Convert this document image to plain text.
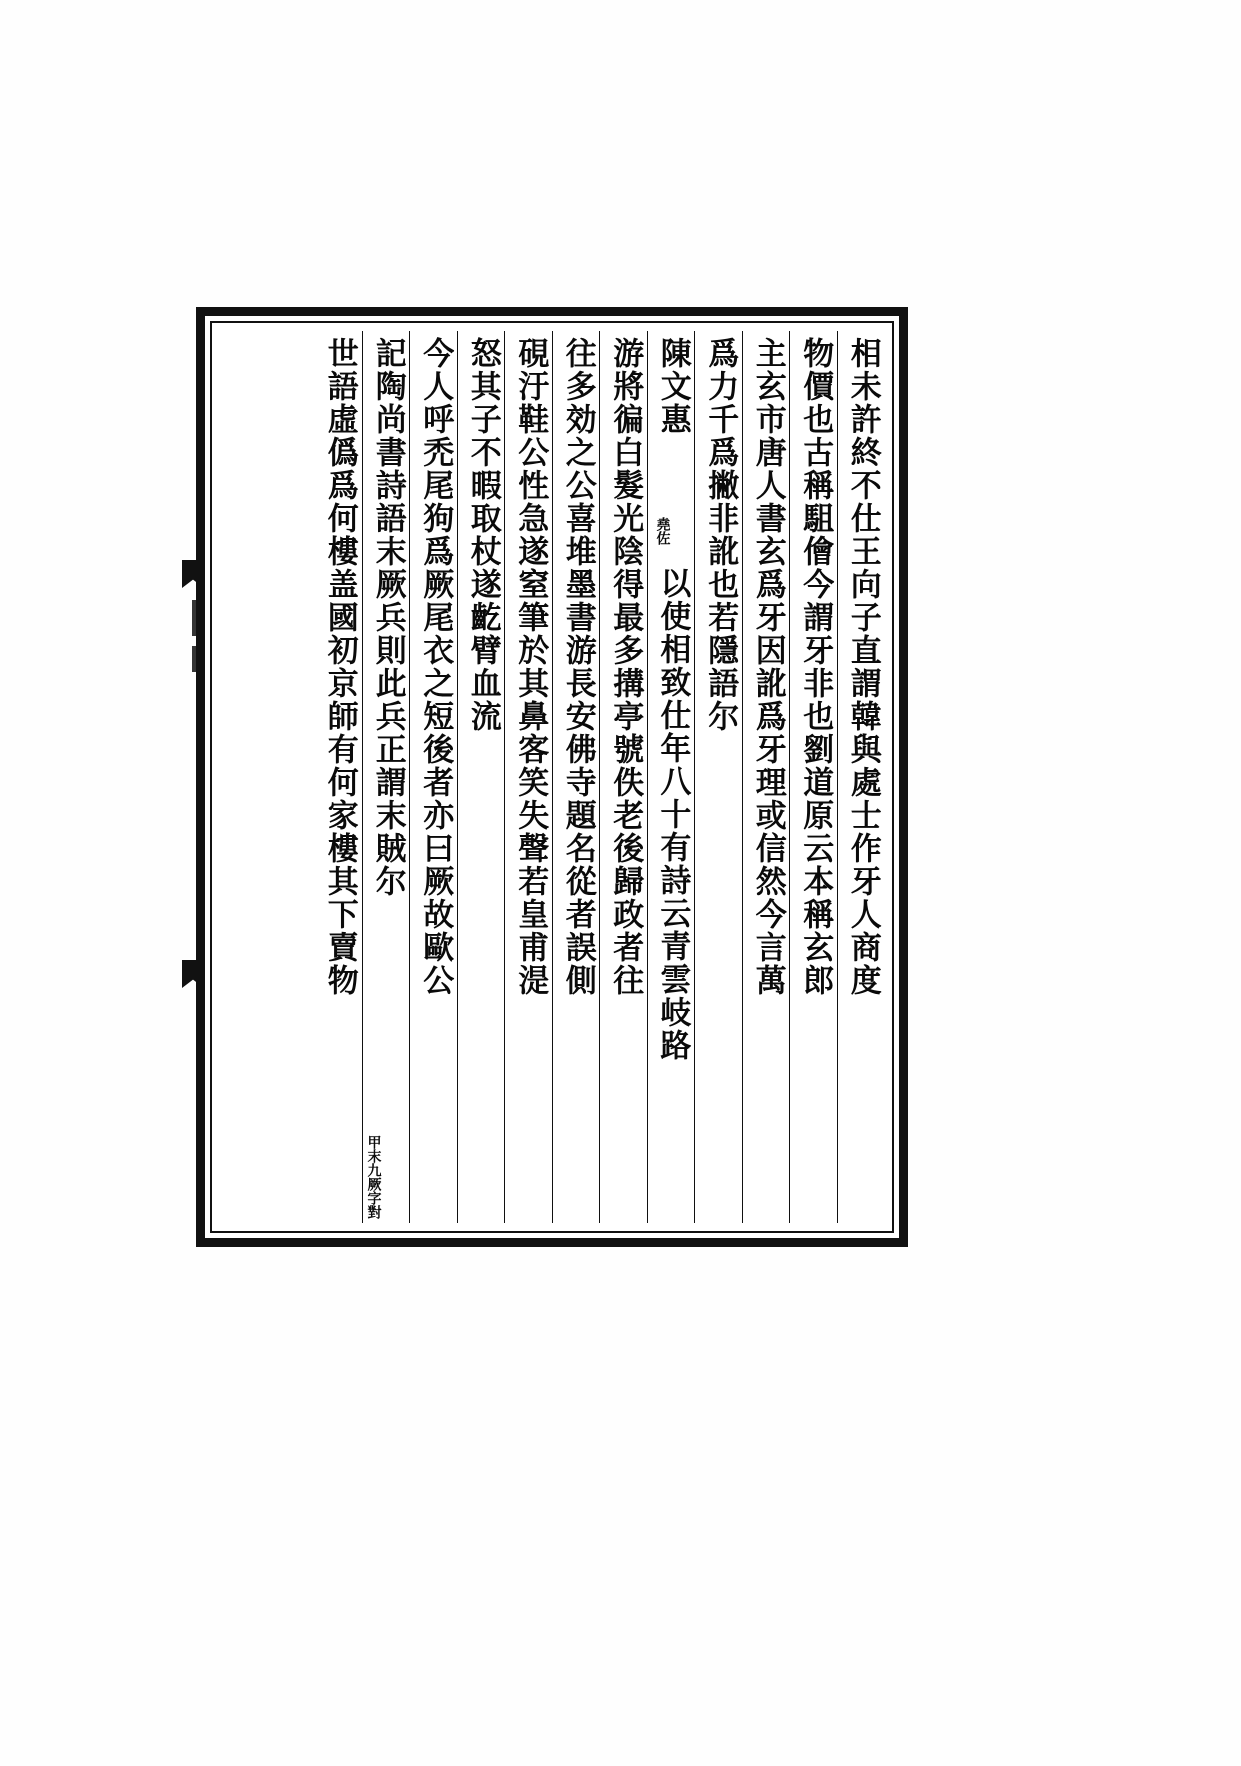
相未許終不仕王向子直謂韓與處士作牙人商度
物價也古稱駔儈今謂牙非也劉道原云本稱玄郎
主玄市唐人書玄爲牙因訛爲牙理或信然今言萬
爲力千爲撇非訛也若隱語尔
陳文惠
堯佐
以使相致仕年八十有詩云青雲岐路
游將徧白髮光陰得最多搆亭號佚老後歸政者往
往多効之公喜堆墨書游長安佛寺題名從者誤側
硯汙鞋公性急遂窒筆於其鼻客笑失聲若皇甫湜
怒其子不暇取杖遂齕臂血流
今人呼禿尾狗爲厥尾衣之短後者亦曰厥故歐公
記陶尚書詩語末厥兵則此兵正謂末賊尔
甲末九厥字對
世語虛僞爲何樓盖國初京師有何家樓其下賣物
